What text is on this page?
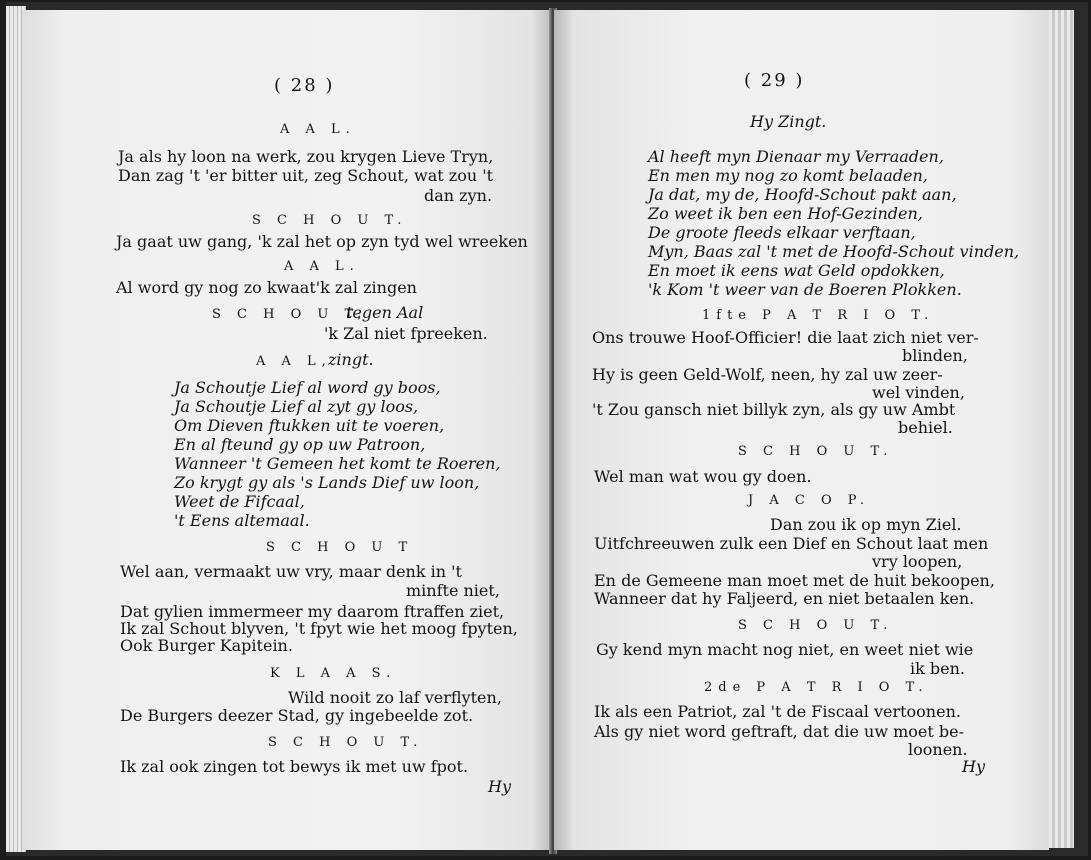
( 28 )
A A L.
Ja als hy loon na werk, zou krygen Lieve Tryn,
Dan zag 't 'er bitter uit, zeg Schout, wat zou 't
dan zyn.
S C H O U T.
Ja gaat uw gang, 'k zal het op zyn tyd wel wreeken
A A L.
Al word gy nog zo kwaat'k zal zingen
S C H O U T,
tegen Aal
'k Zal niet fpreeken.
A A L,
zingt.
Ja Schoutje Lief al word gy boos,
Ja Schoutje Lief al zyt gy loos,
Om Dieven ftukken uit te voeren,
En al fteund gy op uw Patroon,
Wanneer 't Gemeen het komt te Roeren,
Zo krygt gy als 's Lands Dief uw loon,
Weet de Fifcaal,
't Eens altemaal.
S C H O U T
Wel aan, vermaakt uw vry, maar denk in 't
minfte niet,
Dat gylien immermeer my daarom ftraffen ziet,
Ik zal Schout blyven, 't fpyt wie het moog fpyten,
Ook Burger Kapitein.
K L A A S.
Wild nooit zo laf verflyten,
De Burgers deezer Stad, gy ingebeelde zot.
S C H O U T.
Ik zal ook zingen tot bewys ik met uw fpot.
Hy
( 29 )
Hy Zingt.
Al heeft myn Dienaar my Verraaden,
En men my nog zo komt belaaden,
Ja dat, my de, Hoofd-Schout pakt aan,
Zo weet ik ben een Hof-Gezinden,
De groote fleeds elkaar verftaan,
Myn, Baas zal 't met de Hoofd-Schout vinden,
En moet ik eens wat Geld opdokken,
'k Kom 't weer van de Boeren Plokken.
1fte P A T R I O T.
Ons trouwe Hoof-Officier! die laat zich niet ver-
blinden,
Hy is geen Geld-Wolf, neen, hy zal uw zeer-
wel vinden,
't Zou gansch niet billyk zyn, als gy uw Ambt
behiel.
S C H O U T.
Wel man wat wou gy doen.
J A C O P.
Dan zou ik op myn Ziel.
Uitfchreeuwen zulk een Dief en Schout laat men
vry loopen,
En de Gemeene man moet met de huit bekoopen,
Wanneer dat hy Faljeerd, en niet betaalen ken.
S C H O U T.
Gy kend myn macht nog niet, en weet niet wie
ik ben.
2de P A T R I O T.
Ik als een Patriot, zal 't de Fiscaal vertoonen.
Als gy niet word geftraft, dat die uw moet be-
loonen.
Hy
